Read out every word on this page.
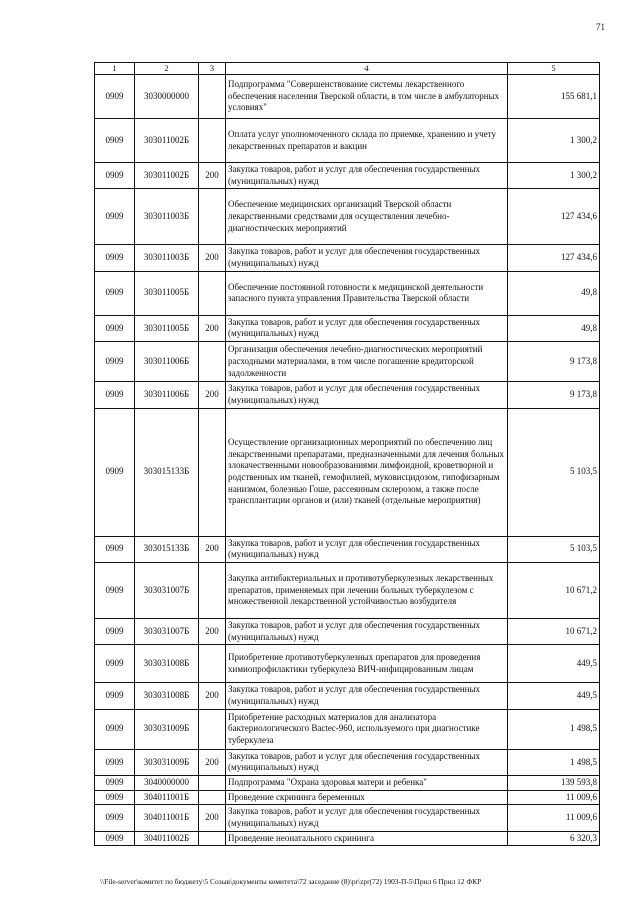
71
1	2	3	4	5
0909	3030000000		Подпрограмма "Совершенствование системы лекарственного обеспечения населения Тверской области, в том числе в амбулаторных условиях"	155 681,1
0909	303011002Б		Оплата услуг уполномоченного склада по приемке, хранению и учету лекарственных препаратов и вакцин	1 300,2
0909	303011002Б	200	Закупка товаров, работ и услуг для обеспечения государственных (муниципальных) нужд	1 300,2
0909	303011003Б		Обеспечение медицинских организаций Тверской области лекарственными средствами для осуществления лечебно-диагностических мероприятий	127 434,6
0909	303011003Б	200	Закупка товаров, работ и услуг для обеспечения государственных (муниципальных) нужд	127 434,6
0909	303011005Б		Обеспечение постоянной готовности к медицинской деятельности запасного пункта управления Правительства Тверской области	49,8
0909	303011005Б	200	Закупка товаров, работ и услуг для обеспечения государственных (муниципальных) нужд	49,8
0909	303011006Б		Организация обеспечения лечебно-диагностических мероприятий расходными материалами, в том числе погашение кредиторской задолженности	9 173,8
0909	303011006Б	200	Закупка товаров, работ и услуг для обеспечения государственных (муниципальных) нужд	9 173,8
0909	303015133Б		Осуществление организационных мероприятий по обеспечению лиц лекарственными препаратами, предназначенными для лечения больных злокачественными новообразованиями лимфоидной, кроветворной и родственных им тканей, гемофилией, муковисцидозом, гипофизарным нанизмом, болезнью Гоше, рассеянным склерозом, а также после трансплантации органов и (или) тканей (отдельные мероприятия)	5 103,5
0909	303015133Б	200	Закупка товаров, работ и услуг для обеспечения государственных (муниципальных) нужд	5 103,5
0909	303031007Б		Закупка антибактериальных и противотуберкулезных лекарственных препаратов, применяемых при лечении больных туберкулезом с множественной лекарственной устойчивостью возбудителя	10 671,2
0909	303031007Б	200	Закупка товаров, работ и услуг для обеспечения государственных (муниципальных) нужд	10 671,2
0909	303031008Б		Приобретение противотуберкулезных препаратов для проведения химиопрофилактики туберкулеза ВИЧ-инфицированным лицам	449,5
0909	303031008Б	200	Закупка товаров, работ и услуг для обеспечения государственных (муниципальных) нужд	449,5
0909	303031009Б		Приобретение расходных материалов для анализатора бактериологического Bactec-960, используемого при диагностике туберкулеза	1 498,5
0909	303031009Б	200	Закупка товаров, работ и услуг для обеспечения государственных (муниципальных) нужд	1 498,5
0909	3040000000		Подпрограмма "Охрана здоровья матери и ребенка"	139 593,8
0909	304011001Б		Проведение скрининга беременных	11 009,6
0909	304011001Б	200	Закупка товаров, работ и услуг для обеспечения государственных (муниципальных) нужд	11 009,6
0909	304011002Б		Проведение неонатального скрининга	6 320,3
\\File-server\комитет по бюджету\5 Созыв\документы комитета\72 заседание (8)\pr\zpr(72) 1903-П-5\Прил 6 Прил 12 ФКР
